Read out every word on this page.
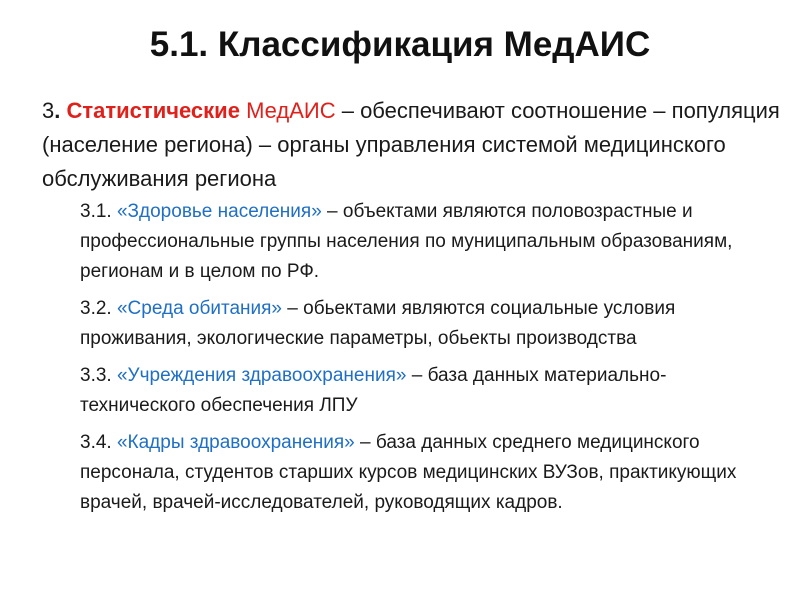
5.1. Классификация МедАИС

3. Статистические МедАИС – обеспечивают соотношение – популяция (население региона) – органы управления системой медицинского обслуживания региона

3.1. «Здоровье населения» – объектами являются половозрастные и профессиональные группы населения по муниципальным образованиям, регионам и в целом по РФ.
3.2. «Среда обитания» – обьектами являются социальные условия проживания, экологические параметры, обьекты производства
3.3. «Учреждения здравоохранения» – база данных материально-технического обеспечения ЛПУ
3.4. «Кадры здравоохранения» – база данных среднего медицинского персонала, студентов старших курсов медицинских ВУЗов, практикующих врачей, врачей-исследователей, руководящих кадров.
